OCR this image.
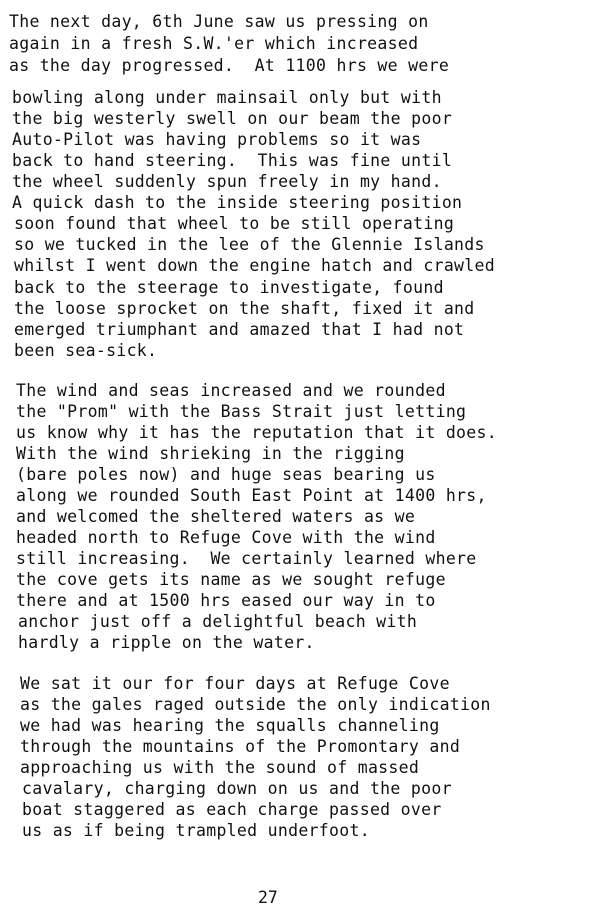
The next day, 6th June saw us pressing on
again in a fresh S.W.'er which increased
as the day progressed.  At 1100 hrs we were
bowling along under mainsail only but with
the big westerly swell on our beam the poor
Auto-Pilot was having problems so it was
back to hand steering.  This was fine until
the wheel suddenly spun freely in my hand.
A quick dash to the inside steering position
soon found that wheel to be still operating
so we tucked in the lee of the Glennie Islands
whilst I went down the engine hatch and crawled
back to the steerage to investigate, found
the loose sprocket on the shaft, fixed it and
emerged triumphant and amazed that I had not
been sea-sick.
The wind and seas increased and we rounded
the "Prom" with the Bass Strait just letting
us know why it has the reputation that it does.
With the wind shrieking in the rigging
(bare poles now) and huge seas bearing us
along we rounded South East Point at 1400 hrs,
and welcomed the sheltered waters as we
headed north to Refuge Cove with the wind
still increasing.  We certainly learned where
the cove gets its name as we sought refuge
there and at 1500 hrs eased our way in to
anchor just off a delightful beach with
hardly a ripple on the water.
We sat it our for four days at Refuge Cove
as the gales raged outside the only indication
we had was hearing the squalls channeling
through the mountains of the Promontary and
approaching us with the sound of massed
cavalary, charging down on us and the poor
boat staggered as each charge passed over
us as if being trampled underfoot.
27
